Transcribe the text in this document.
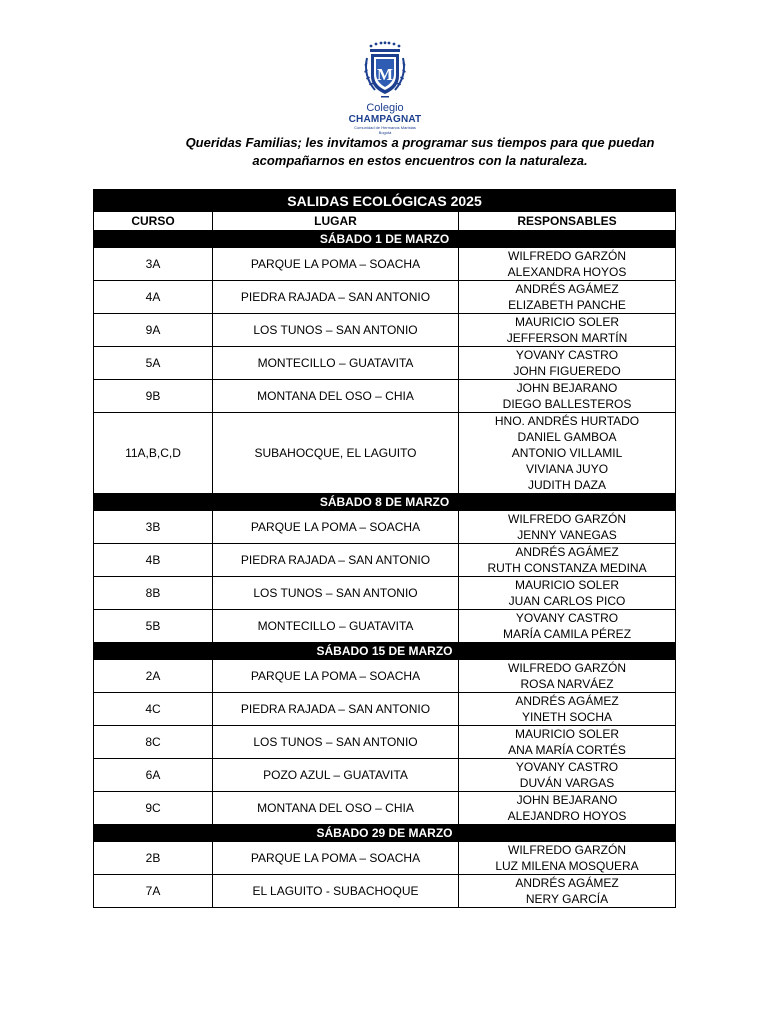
M
Colegio
CHAMPAGNAT
Comunidad de Hermanos Maristas
Bogotá
Queridas Familias; les invitamos a programar sus tiempos para que puedan
acompañarnos en estos encuentros con la naturaleza.
SALIDAS ECOLÓGICAS 2025		
CURSO	LUGAR	RESPONSABLES
SÁBADO 1 DE MARZO		
3A	PARQUE LA POMA – SOACHA	WILFREDO GARZÓN
ALEXANDRA HOYOS

4A	PIEDRA RAJADA – SAN ANTONIO	ANDRÉS AGÁMEZ
ELIZABETH PANCHE

9A	LOS TUNOS – SAN ANTONIO	MAURICIO SOLER
JEFFERSON MARTÍN

5A	MONTECILLO – GUATAVITA	YOVANY CASTRO
JOHN FIGUEREDO

9B	MONTANA DEL OSO – CHIA	JOHN BEJARANO
DIEGO BALLESTEROS

11A,B,C,D	SUBAHOCQUE, EL LAGUITO	HNO. ANDRÉS HURTADO
DANIEL GAMBOA
ANTONIO VILLAMIL
VIVIANA JUYO
JUDITH DAZA

SÁBADO 8 DE MARZO		
3B	PARQUE LA POMA – SOACHA	WILFREDO GARZÓN
JENNY VANEGAS

4B	PIEDRA RAJADA – SAN ANTONIO	ANDRÉS AGÁMEZ
RUTH CONSTANZA MEDINA

8B	LOS TUNOS – SAN ANTONIO	MAURICIO SOLER
JUAN CARLOS PICO

5B	MONTECILLO – GUATAVITA	YOVANY CASTRO
MARÍA CAMILA PÉREZ

SÁBADO 15 DE MARZO		
2A	PARQUE LA POMA – SOACHA	WILFREDO GARZÓN
ROSA NARVÁEZ

4C	PIEDRA RAJADA – SAN ANTONIO	ANDRÉS AGÁMEZ
YINETH SOCHA

8C	LOS TUNOS – SAN ANTONIO	MAURICIO SOLER
ANA MARÍA CORTÉS

6A	POZO AZUL – GUATAVITA	YOVANY CASTRO
DUVÁN VARGAS

9C	MONTANA DEL OSO – CHIA	JOHN BEJARANO
ALEJANDRO HOYOS

SÁBADO 29 DE MARZO		
2B	PARQUE LA POMA – SOACHA	WILFREDO GARZÓN
LUZ MILENA MOSQUERA

7A	EL LAGUITO - SUBACHOQUE	ANDRÉS AGÁMEZ
NERY GARCÍA
